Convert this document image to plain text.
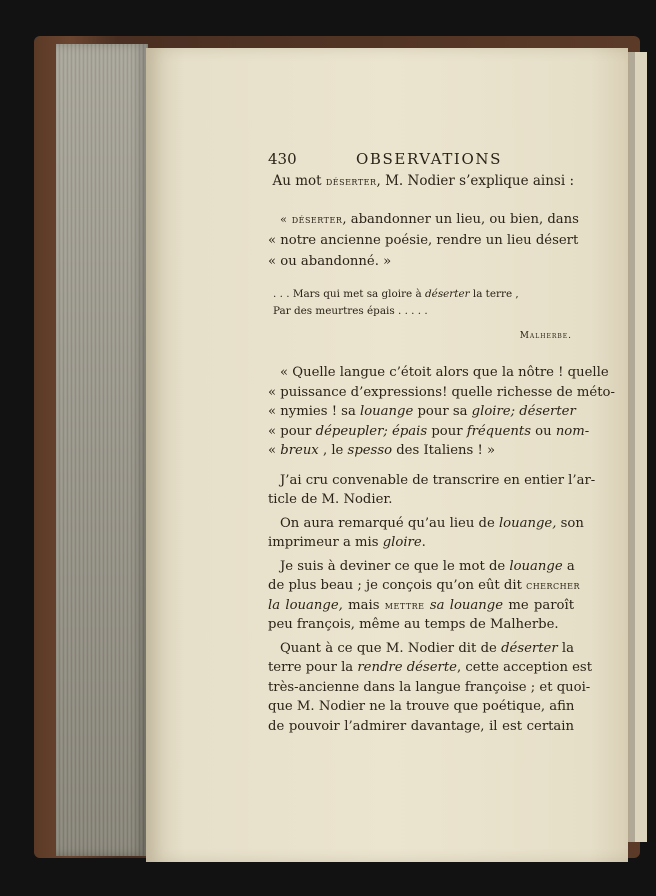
430	OBSERVATIONS
Au mot déserter, M. Nodier s’explique ainsi :
« déserter, abandonner un lieu, ou bien, dans
« notre ancienne poésie, rendre un lieu désert
« ou abandonné. »
. . . Mars qui met sa gloire à déserter la terre ,
Par des meurtres épais . . . . .
Malherbe.
« Quelle langue c’étoit alors que la nôtre ! quelle
« puissance d’expressions! quelle richesse de méto-
« nymies ! sa louange pour sa gloire; déserter
« pour dépeupler; épais pour fréquents ou nom-
« breux , le spesso des Italiens ! »
J’ai cru convenable de transcrire en entier l’ar-
ticle de M. Nodier.
On aura remarqué qu’au lieu de louange, son
imprimeur a mis gloire.
Je suis à deviner ce que le mot de louange a
de plus beau ; je conçois qu’on eût dit chercher
la louange, mais mettre sa louange me paroît
peu françois, même au temps de Malherbe.
Quant à ce que M. Nodier dit de déserter la
terre pour la rendre déserte, cette acception est
très-ancienne dans la langue françoise ; et quoi-
que M. Nodier ne la trouve que poétique, afin
de pouvoir l’admirer davantage, il est certain
